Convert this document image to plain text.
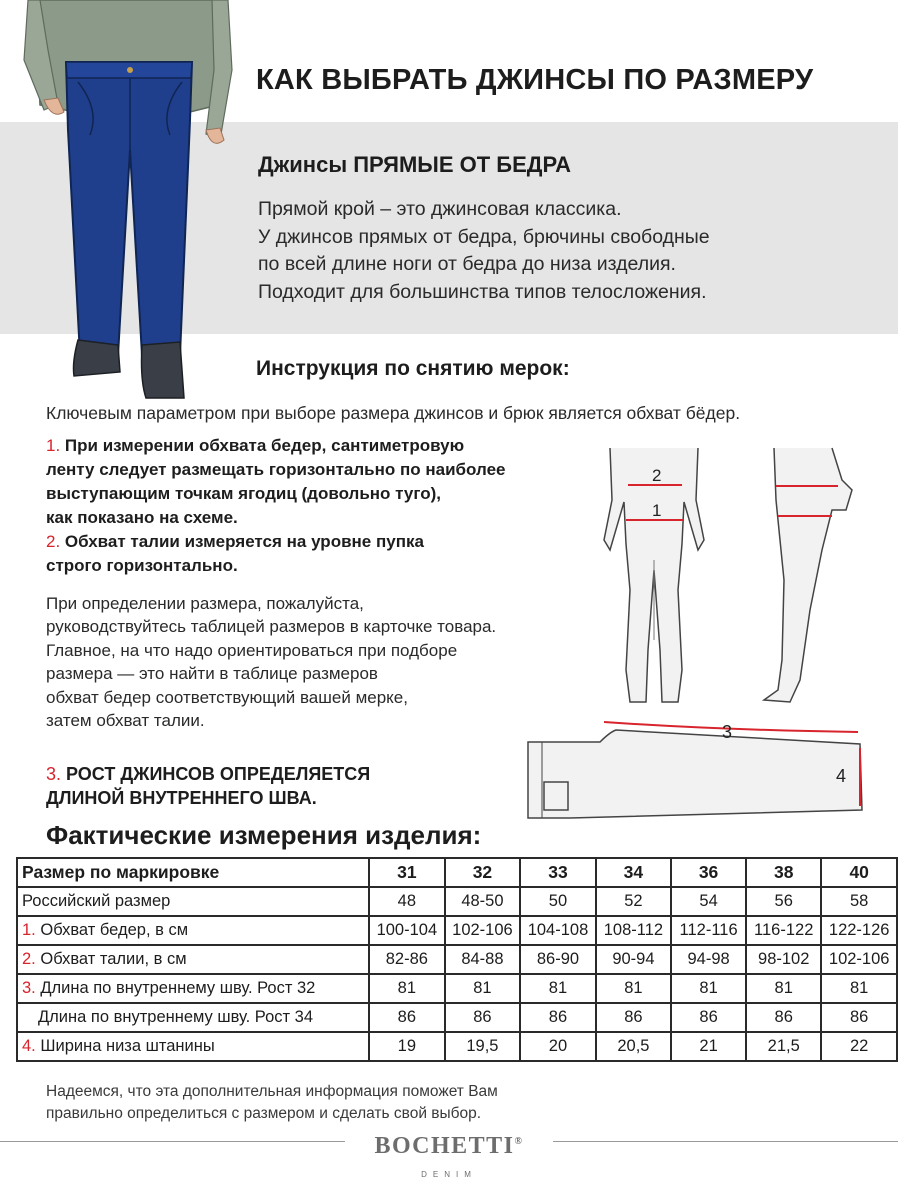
КАК ВЫБРАТЬ ДЖИНСЫ ПО РАЗМЕРУ
Джинсы ПРЯМЫЕ ОТ БЕДРА
Прямой крой – это джинсовая классика.
У джинсов прямых от бедра, брючины свободные
по всей длине ноги от бедра до низа изделия.
Подходит для большинства типов телосложения.
Инструкция по снятию мерок:
Ключевым параметром при выборе размера джинсов и брюк является обхват бёдер.
1. При измерении обхвата бедер, сантиметровую
ленту следует размещать горизонтально по наиболее
выступающим точкам ягодиц (довольно туго),
как показано на схеме.
2. Обхват талии измеряется на уровне пупка
строго горизонтально.
При определении размера, пожалуйста,
руководствуйтесь таблицей размеров в карточке товара.
Главное, на что надо ориентироваться при подборе
размера — это найти в таблице размеров
обхват бедер соответствующий вашей мерке,
затем обхват талии.
3. РОСТ ДЖИНСОВ ОПРЕДЕЛЯЕТСЯ
ДЛИНОЙ ВНУТРЕННЕГО ШВА.
2
1
3
4
Фактические измерения изделия:
Размер по маркировке	31	32	33	34	36	38	40
Российский размер	48	48-50	50	52	54	56	58
1. Обхват бедер, в см	100-104	102-106	104-108	108-112	112-116	116-122	122-126
2. Обхват талии, в см	82-86	84-88	86-90	90-94	94-98	98-102	102-106
3. Длина по внутреннему шву. Рост 32	81	81	81	81	81	81	81
Длина по внутреннему шву. Рост 34	86	86	86	86	86	86	86
4. Ширина низа штанины	19	19,5	20	20,5	21	21,5	22
Надеемся, что эта дополнительная информация поможет Вам
правильно определиться с размером и сделать свой выбор.
BOCHETTI®
DENIM
